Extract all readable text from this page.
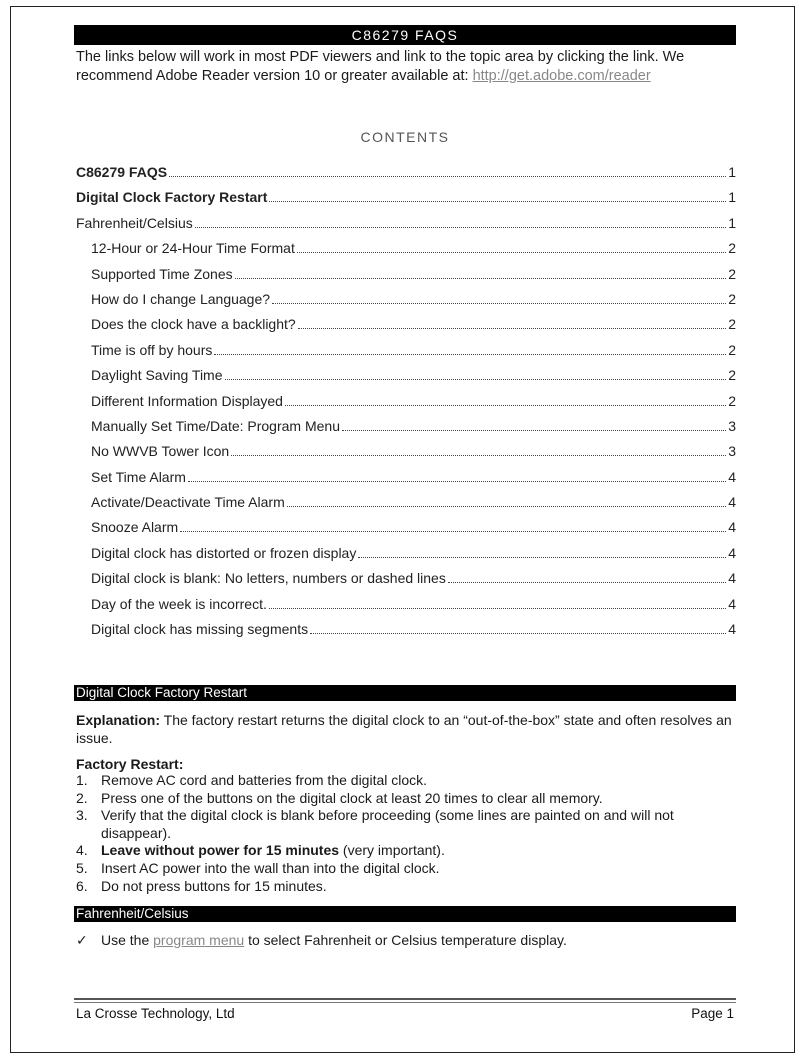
C86279 FAQS
The links below will work in most PDF viewers and link to the topic area by clicking the link. We recommend Adobe Reader version 10 or greater available at: http://get.adobe.com/reader
CONTENTS
C86279 FAQS	1
Digital Clock Factory Restart	1
Fahrenheit/Celsius	1
12-Hour or 24-Hour Time Format	2
Supported Time Zones	2
How do I change Language?	2
Does the clock have a backlight?	2
Time is off by hours	2
Daylight Saving Time	2
Different Information Displayed	2
Manually Set Time/Date: Program Menu	3
No WWVB Tower Icon	3
Set Time Alarm	4
Activate/Deactivate Time Alarm	4
Snooze Alarm	4
Digital clock has distorted or frozen display	4
Digital clock is blank: No letters, numbers or dashed lines	4
Day of the week is incorrect.	4
Digital clock has missing segments	4
Digital Clock Factory Restart
Explanation: The factory restart returns the digital clock to an “out-of-the-box” state and often resolves an issue.
Factory Restart:
1. Remove AC cord and batteries from the digital clock.
2. Press one of the buttons on the digital clock at least 20 times to clear all memory.
3. Verify that the digital clock is blank before proceeding (some lines are painted on and will not disappear).
4. Leave without power for 15 minutes (very important).
5. Insert AC power into the wall than into the digital clock.
6. Do not press buttons for 15 minutes.
Fahrenheit/Celsius
✓ Use the program menu to select Fahrenheit or Celsius temperature display.
La Crosse Technology, Ltd	Page 1
